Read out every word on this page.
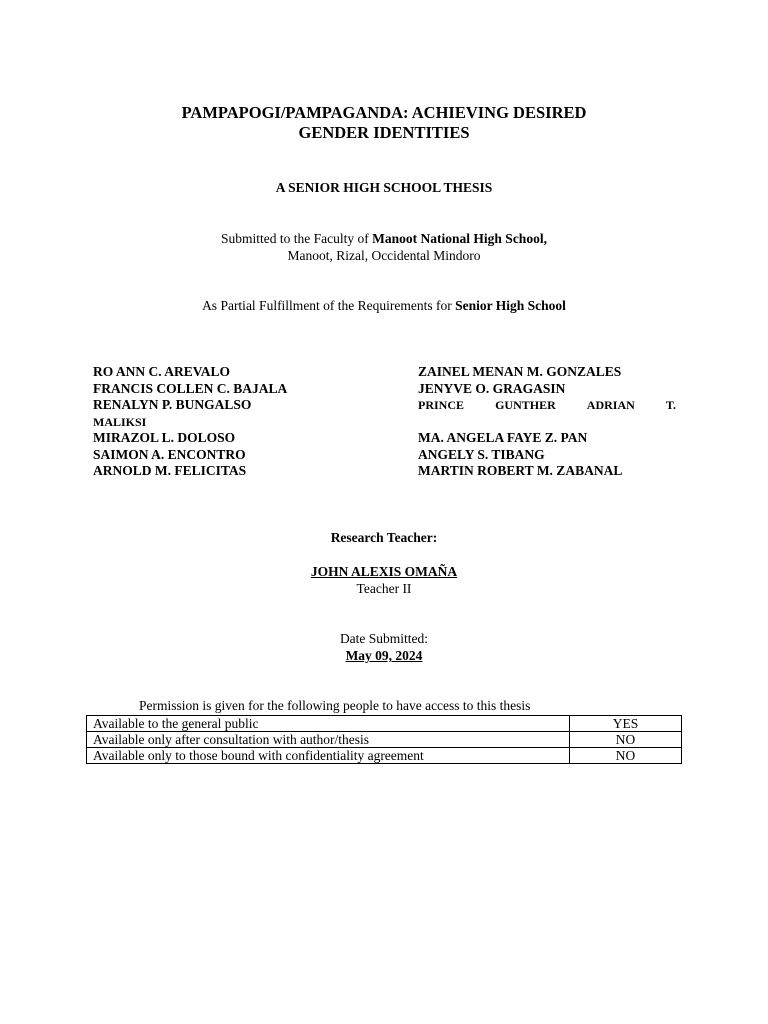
PAMPAPOGI/PAMPAGANDA: ACHIEVING DESIRED
GENDER IDENTITIES
A SENIOR HIGH SCHOOL THESIS
Submitted to the Faculty of Manoot National High School,
Manoot, Rizal, Occidental Mindoro
As Partial Fulfillment of the Requirements for Senior High School
RO ANN C. AREVALO
FRANCIS COLLEN C. BAJALA
RENALYN P. BUNGALSO
MALIKSI
MIRAZOL L. DOLOSO
SAIMON A. ENCONTRO
ARNOLD M. FELICITAS
ZAINEL MENAN M. GONZALES
JENYVE O. GRAGASIN
PRINCE	GUNTHER	ADRIAN	T.
MA. ANGELA FAYE Z. PAN
ANGELY S. TIBANG
MARTIN ROBERT M. ZABANAL
Research Teacher:
JOHN ALEXIS OMAÑA
Teacher II
Date Submitted:
May 09, 2024
Permission is given for the following people to have access to this thesis
Available to the general public	YES
Available only after consultation with author/thesis	NO
Available only to those bound with confidentiality agreement	NO
